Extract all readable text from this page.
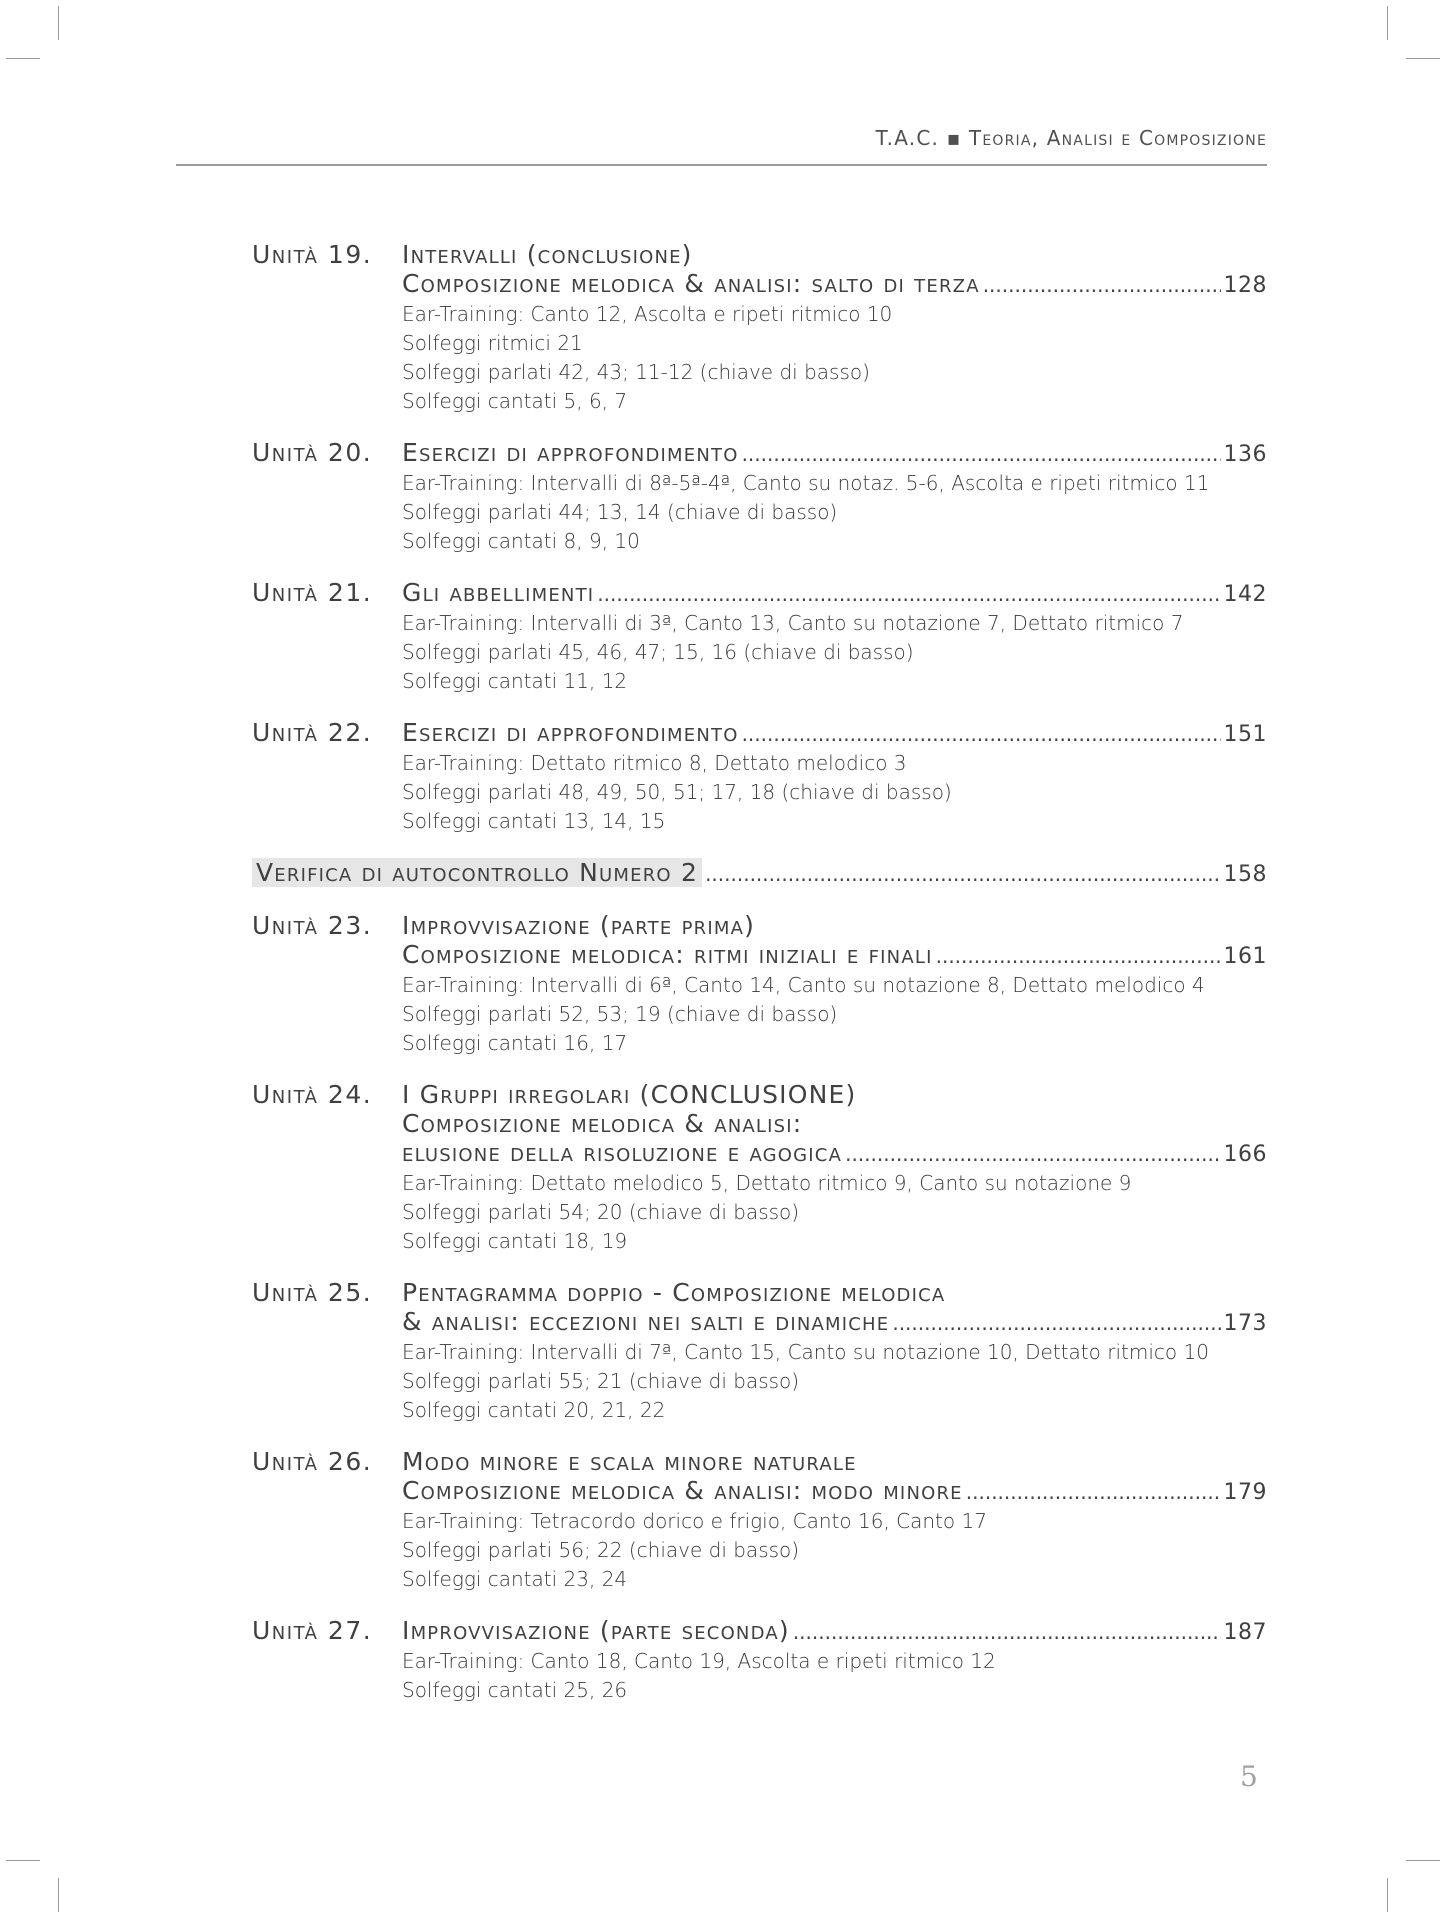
T.A.C. ▪ Teoria, Analisi e Composizione
Unità 19.	Intervalli (conclusione)
Composizione melodica & analisi: salto di terza .....	128
Ear-Training: Canto 12, Ascolta e ripeti ritmico 10
Solfeggi ritmici 21
Solfeggi parlati 42, 43; 11-12 (chiave di basso)
Solfeggi cantati 5, 6, 7
Unità 20.	Esercizi di approfondimento .....	136
Ear-Training: Intervalli di 8ª-5ª-4ª, Canto su notaz. 5-6, Ascolta e ripeti ritmico 11
Solfeggi parlati 44; 13, 14 (chiave di basso)
Solfeggi cantati 8, 9, 10
Unità 21.	Gli abbellimenti .....	142
Ear-Training: Intervalli di 3ª, Canto 13, Canto su notazione 7, Dettato ritmico 7
Solfeggi parlati 45, 46, 47; 15, 16 (chiave di basso)
Solfeggi cantati 11, 12
Unità 22.	Esercizi di approfondimento .....	151
Ear-Training: Dettato ritmico 8, Dettato melodico 3
Solfeggi parlati 48, 49, 50, 51; 17, 18 (chiave di basso)
Solfeggi cantati 13, 14, 15
Verifica di autocontrollo Numero 2 .....	158
Unità 23.	Improvvisazione (parte prima)
Composizione melodica: ritmi iniziali e finali .....	161
Ear-Training: Intervalli di 6ª, Canto 14, Canto su notazione 8, Dettato melodico 4
Solfeggi parlati 52, 53; 19 (chiave di basso)
Solfeggi cantati 16, 17
Unità 24.	I Gruppi irregolari (CONCLUSIONE)
Composizione melodica & analisi:
elusione della risoluzione e agogica .....	166
Ear-Training: Dettato melodico 5, Dettato ritmico 9, Canto su notazione 9
Solfeggi parlati 54; 20 (chiave di basso)
Solfeggi cantati 18, 19
Unità 25.	Pentagramma doppio - Composizione melodica
& analisi: eccezioni nei salti e dinamiche .....	173
Ear-Training: Intervalli di 7ª, Canto 15, Canto su notazione 10, Dettato ritmico 10
Solfeggi parlati 55; 21 (chiave di basso)
Solfeggi cantati 20, 21, 22
Unità 26.	Modo minore e scala minore naturale
Composizione melodica & analisi: modo minore .....	179
Ear-Training: Tetracordo dorico e frigio, Canto 16, Canto 17
Solfeggi parlati 56; 22 (chiave di basso)
Solfeggi cantati 23, 24
Unità 27.	Improvvisazione (parte seconda) .....	187
Ear-Training: Canto 18, Canto 19, Ascolta e ripeti ritmico 12
Solfeggi cantati 25, 26
5
